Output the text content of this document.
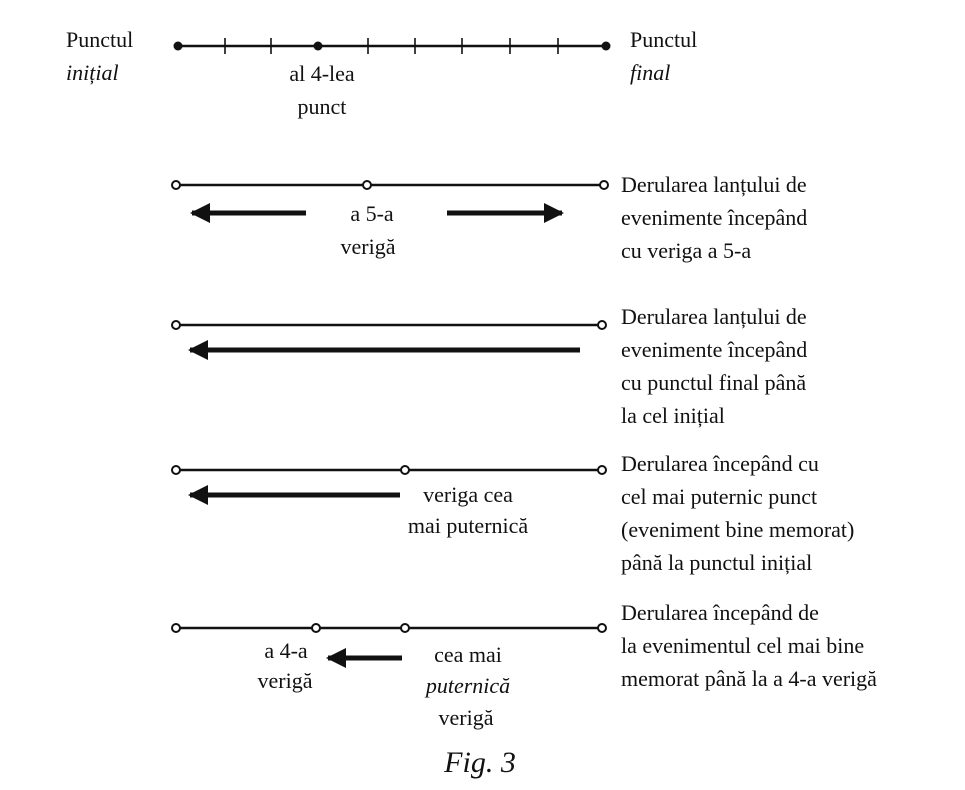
Punctul
inițial
Punctul
final
al 4-lea
punct
a 5-a
verigă
Derularea lanțului de
evenimente începând
cu veriga a 5-a
Derularea lanțului de
evenimente începând
cu punctul final până
la cel inițial
veriga cea
mai puternică
Derularea începând cu
cel mai puternic punct
(eveniment bine memorat)
până la punctul inițial
a 4-a
verigă
cea mai
puternică
verigă
Derularea începând de
la evenimentul cel mai bine
memorat până la a 4-a verigă
Fig. 3
